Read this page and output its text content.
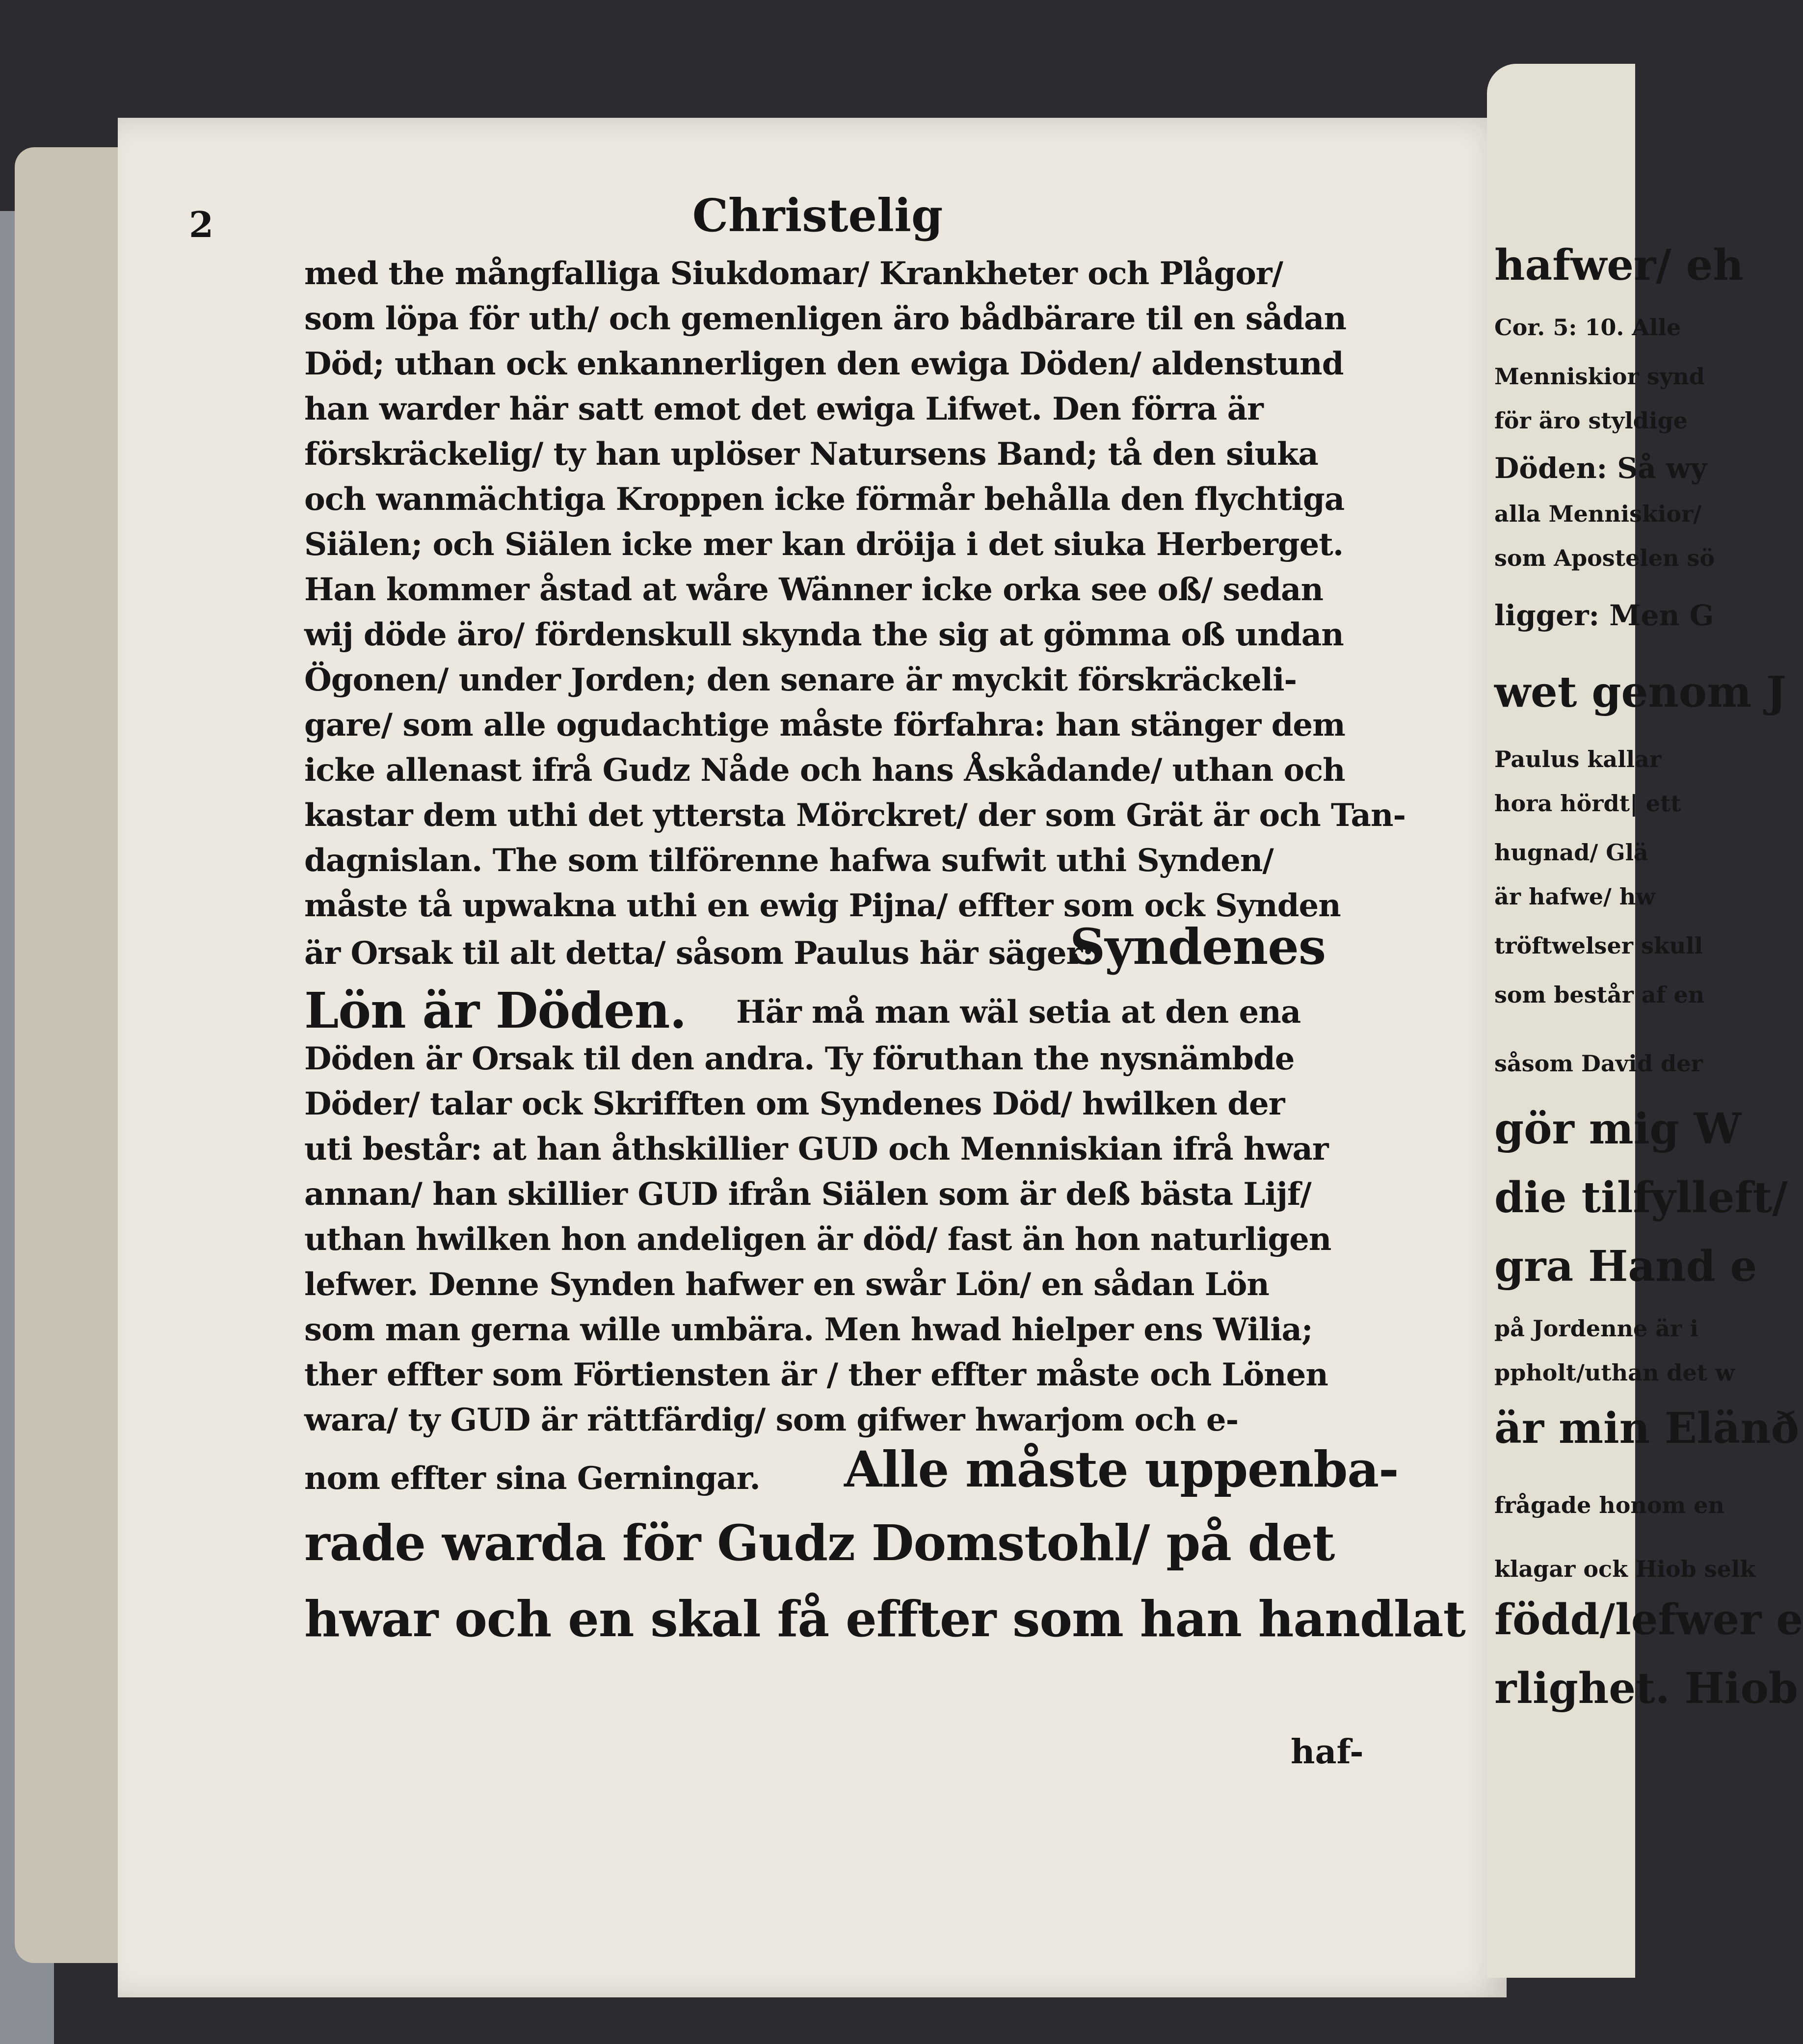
2	Christelig
med the mångfalliga Siukdomar/ Krankheter och Plågor/
som löpa för uth/ och gemenligen äro bådbärare til en sådan
Död; uthan ock enkannerligen den ewiga Döden/ aldenstund
han warder här satt emot det ewiga Lifwet. Den förra är
förskräckelig/ ty han uplöser Natursens Band; tå den siuka
och wanmächtiga Kroppen icke förmår behålla den flychtiga
Siälen; och Siälen icke mer kan dröija i det siuka Herberget.
Han kommer åstad at wåre Wänner icke orka see oß/ sedan
wij döde äro/ fördenskull skynda the sig at gömma oß undan
Ögonen/ under Jorden; den senare är myckit förskräckeli-
gare/ som alle ogudachtige måste förfahra: han stänger dem
icke allenast ifrå Gudz Nåde och hans Åskådande/ uthan och
kastar dem uthi det yttersta Mörckret/ der som Grät är och Tan-
dagnislan. The som tilförenne hafwa sufwit uthi Synden/
måste tå upwakna uthi en ewig Pijna/ effter som ock Synden
är Orsak til alt detta/ såsom Paulus här säger:
Syndenes
Lön är Döden. Här må man wäl setia at den ena
Döden är Orsak til den andra. Ty föruthan the nysnämbde
Döder/ talar ock Skrifften om Syndenes Död/ hwilken der
uti består: at han åthskillier GUD och Menniskian ifrå hwar
annan/ han skillier GUD ifrån Siälen som är deß bästa Lijf/
uthan hwilken hon andeligen är död/ fast än hon naturligen
lefwer. Denne Synden hafwer en swår Lön/ en sådan Lön
som man gerna wille umbära. Men hwad hielper ens Wilia;
ther effter som Förtiensten är / ther effter måste och Lönen
wara/ ty GUD är rättfärdig/ som gifwer hwarjom och e-
nom effter sina Gerningar.	Alle måste uppenba-
rade warda för Gudz Domstohl/ på det
hwar och en skal få effter som han handlat
haf-
hafwer/ eh
Cor. 5: 10. Alle
Menniskior synd
för äro styldige
Döden: Så wy
alla Menniskior/
som Apostelen sö
ligger: Men G
wet genom J
Paulus kallar
hora hördt| ett
hugnad/ Glä
är hafwe/ hw
tröftwelser skull
som består af en
såsom David der
gör mig W
die tilfylleft/
gra Hand e
på Jordenne är i
ppholt/uthan det w
är min Elänð
frågade honom en
klagar ock Hiob selk
född/lefwer e
rlighet. Hiob
